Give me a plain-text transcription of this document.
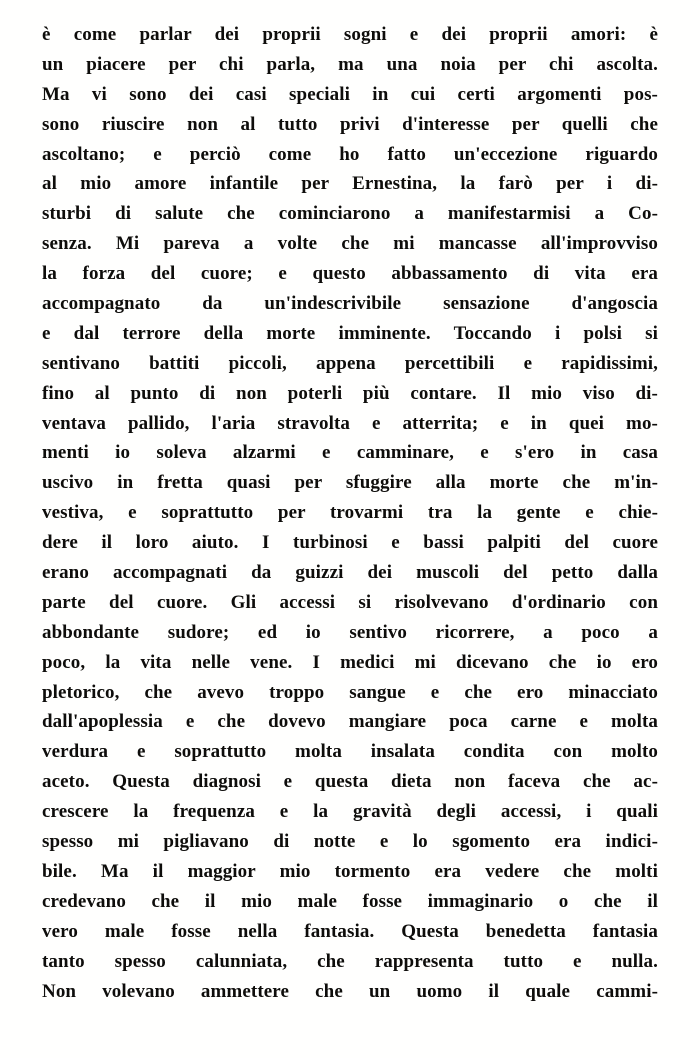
è come parlar dei proprii sogni e dei proprii amori: è
un piacere per chi parla, ma una noia per chi ascolta.
Ma vi sono dei casi speciali in cui certi argomenti pos-
sono riuscire non al tutto privi d'interesse per quelli che
ascoltano; e perciò come ho fatto un'eccezione riguardo
al mio amore infantile per Ernestina, la farò per i di-
sturbi di salute che cominciarono a manifestarmisi a Co-
senza. Mi pareva a volte che mi mancasse all'improvviso
la forza del cuore; e questo abbassamento di vita era
accompagnato da un'indescrivibile sensazione d'angoscia
e dal terrore della morte imminente. Toccando i polsi si
sentivano battiti piccoli, appena percettibili e rapidissimi,
fino al punto di non poterli più contare. Il mio viso di-
ventava pallido, l'aria stravolta e atterrita; e in quei mo-
menti io soleva alzarmi e camminare, e s'ero in casa
uscivo in fretta quasi per sfuggire alla morte che m'in-
vestiva, e soprattutto per trovarmi tra la gente e chie-
dere il loro aiuto. I turbinosi e bassi palpiti del cuore
erano accompagnati da guizzi dei muscoli del petto dalla
parte del cuore. Gli accessi si risolvevano d'ordinario con
abbondante sudore; ed io sentivo ricorrere, a poco a
poco, la vita nelle vene. I medici mi dicevano che io ero
pletorico, che avevo troppo sangue e che ero minacciato
dall'apoplessia e che dovevo mangiare poca carne e molta
verdura e soprattutto molta insalata condita con molto
aceto. Questa diagnosi e questa dieta non faceva che ac-
crescere la frequenza e la gravità degli accessi, i quali
spesso mi pigliavano di notte e lo sgomento era indici-
bile. Ma il maggior mio tormento era vedere che molti
credevano che il mio male fosse immaginario o che il
vero male fosse nella fantasia. Questa benedetta fantasia
tanto spesso calunniata, che rappresenta tutto e nulla.
Non volevano ammettere che un uomo il quale cammi-
